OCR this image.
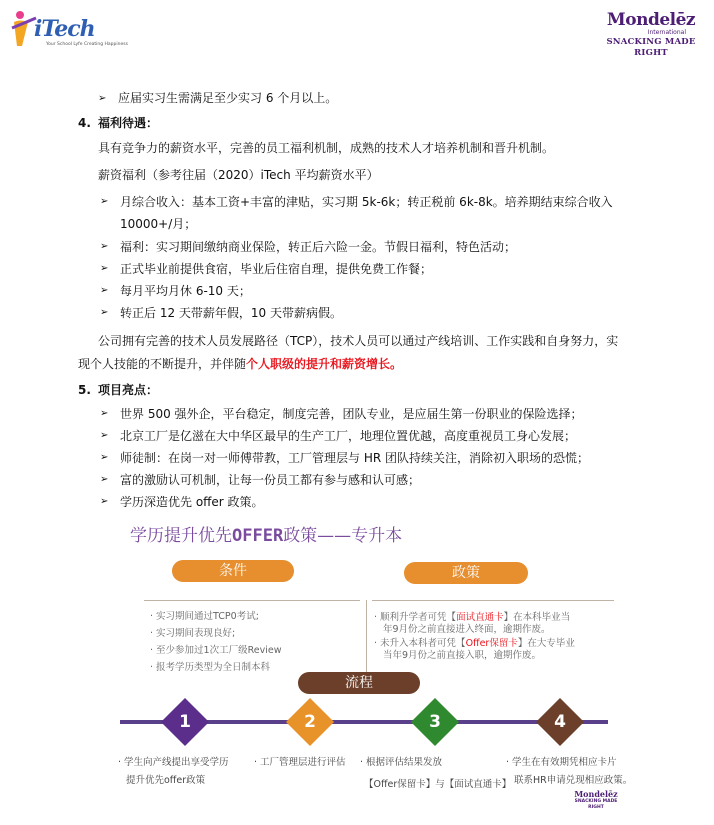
iTech
Your School Lyfe Creating Happiness
Mondelēz
International
SNACKING MADE RIGHT
➢ 应届实习生需满足至少实习 6 个月以上。
4. 福利待遇：
具有竞争力的薪资水平，完善的员工福利机制，成熟的技术人才培养机制和晋升机制。
薪资福利（参考往届（2020）iTech 平均薪资水平）
➢ 月综合收入：基本工资+丰富的津贴，实习期 5k-6k；转正税前 6k-8k。培养期结束综合收入
10000+/月；
➢ 福利：实习期间缴纳商业保险，转正后六险一金。节假日福利，特色活动；
➢ 正式毕业前提供食宿，毕业后住宿自理，提供免费工作餐；
➢ 每月平均月休 6-10 天；
➢ 转正后 12 天带薪年假，10 天带薪病假。
公司拥有完善的技术人员发展路径（TCP），技术人员可以通过产线培训、工作实践和自身努力，实
现个人技能的不断提升，并伴随个人职级的提升和薪资增长。
5. 项目亮点：
➢ 世界 500 强外企，平台稳定，制度完善，团队专业，是应届生第一份职业的保险选择；
➢ 北京工厂是亿滋在大中华区最早的生产工厂，地理位置优越，高度重视员工身心发展；
➢ 师徒制：在岗一对一师傅带教，工厂管理层与 HR 团队持续关注，消除初入职场的恐慌；
➢ 富的激励认可机制，让每一份员工都有参与感和认可感；
➢ 学历深造优先 offer 政策。
学历提升优先OFFER政策——专升本
条件	政策
· 实习期间通过TCP0考试;
· 实习期间表现良好;
· 至少参加过1次工厂级Review
· 报考学历类型为全日制本科
· 顺利升学者可凭【面试直通卡】在本科毕业当
年9月份之前直接进入终面，逾期作废。
· 未升入本科者可凭【Offer保留卡】在大专毕业
当年9月份之前直接入职，逾期作废。
流程
1	2	3	4
· 学生向产线提出享受学历
提升优先offer政策
· 工厂管理层进行评估 · 根据评估结果发放
【Offer保留卡】与【面试直通卡】
· 学生在有效期凭相应卡片
联系HR申请兑现相应政策。
Mondelēz
SNACKING MADE RIGHT
